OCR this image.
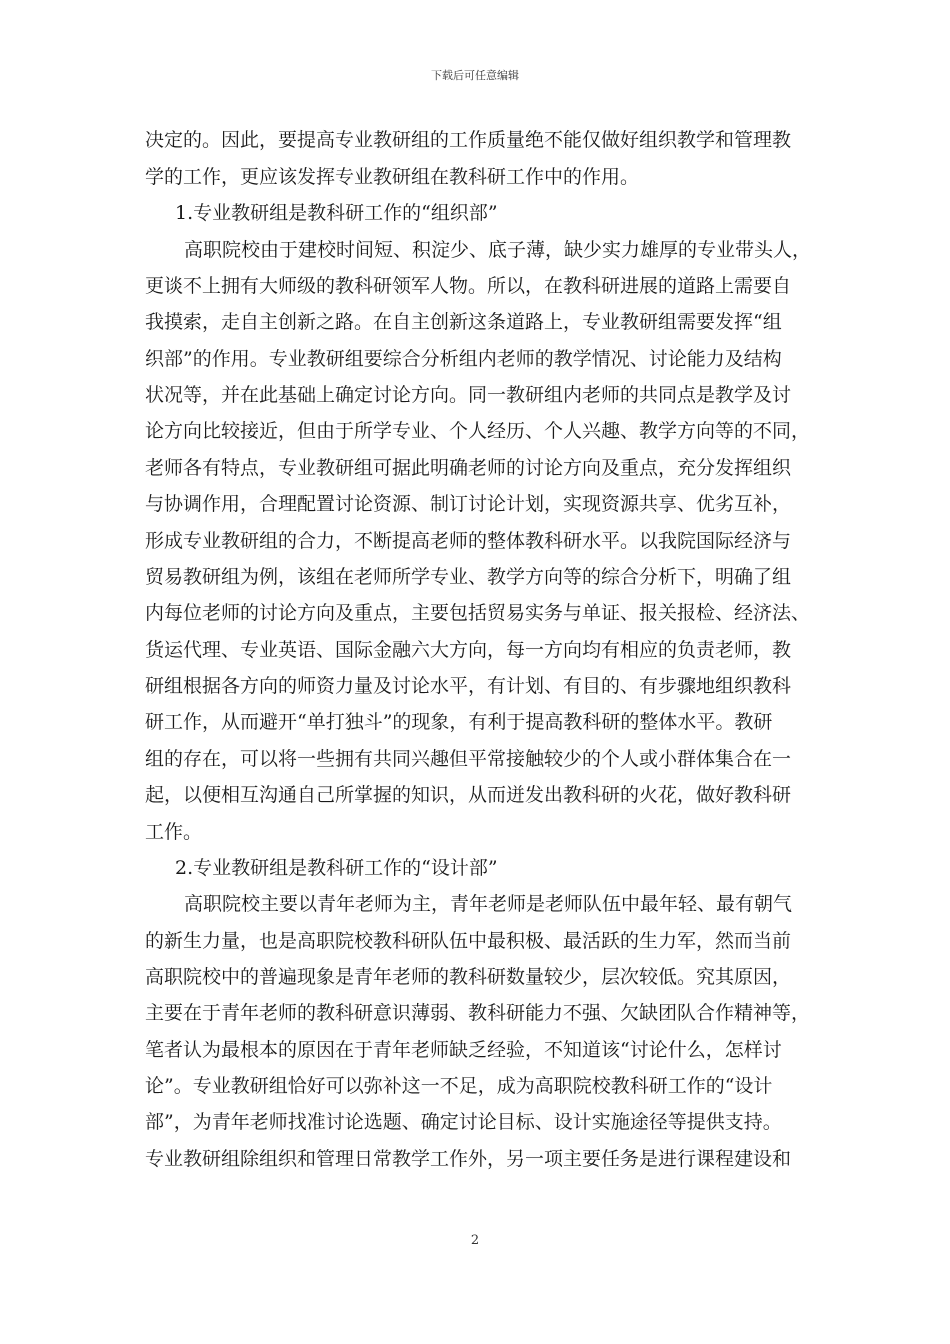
下载后可任意编辑
决定的。因此，要提高专业教研组的工作质量绝不能仅做好组织教学和管理教
学的工作，更应该发挥专业教研组在教科研工作中的作用。
1.专业教研组是教科研工作的“组织部”
高职院校由于建校时间短、积淀少、底子薄，缺少实力雄厚的专业带头人，
更谈不上拥有大师级的教科研领军人物。所以，在教科研进展的道路上需要自
我摸索，走自主创新之路。在自主创新这条道路上，专业教研组需要发挥“组
织部”的作用。专业教研组要综合分析组内老师的教学情况、讨论能力及结构
状况等，并在此基础上确定讨论方向。同一教研组内老师的共同点是教学及讨
论方向比较接近，但由于所学专业、个人经历、个人兴趣、教学方向等的不同，
老师各有特点，专业教研组可据此明确老师的讨论方向及重点，充分发挥组织
与协调作用，合理配置讨论资源、制订讨论计划，实现资源共享、优劣互补，
形成专业教研组的合力，不断提高老师的整体教科研水平。以我院国际经济与
贸易教研组为例，该组在老师所学专业、教学方向等的综合分析下，明确了组
内每位老师的讨论方向及重点，主要包括贸易实务与单证、报关报检、经济法、
货运代理、专业英语、国际金融六大方向，每一方向均有相应的负责老师，教
研组根据各方向的师资力量及讨论水平，有计划、有目的、有步骤地组织教科
研工作，从而避开“单打独斗”的现象，有利于提高教科研的整体水平。教研
组的存在，可以将一些拥有共同兴趣但平常接触较少的个人或小群体集合在一
起，以便相互沟通自己所掌握的知识，从而迸发出教科研的火花，做好教科研
工作。
2.专业教研组是教科研工作的“设计部”
高职院校主要以青年老师为主，青年老师是老师队伍中最年轻、最有朝气
的新生力量，也是高职院校教科研队伍中最积极、最活跃的生力军，然而当前
高职院校中的普遍现象是青年老师的教科研数量较少，层次较低。究其原因，
主要在于青年老师的教科研意识薄弱、教科研能力不强、欠缺团队合作精神等，
笔者认为最根本的原因在于青年老师缺乏经验，不知道该“讨论什么，怎样讨
论”。专业教研组恰好可以弥补这一不足，成为高职院校教科研工作的“设计
部”，为青年老师找准讨论选题、确定讨论目标、设计实施途径等提供支持。
专业教研组除组织和管理日常教学工作外，另一项主要任务是进行课程建设和
2
